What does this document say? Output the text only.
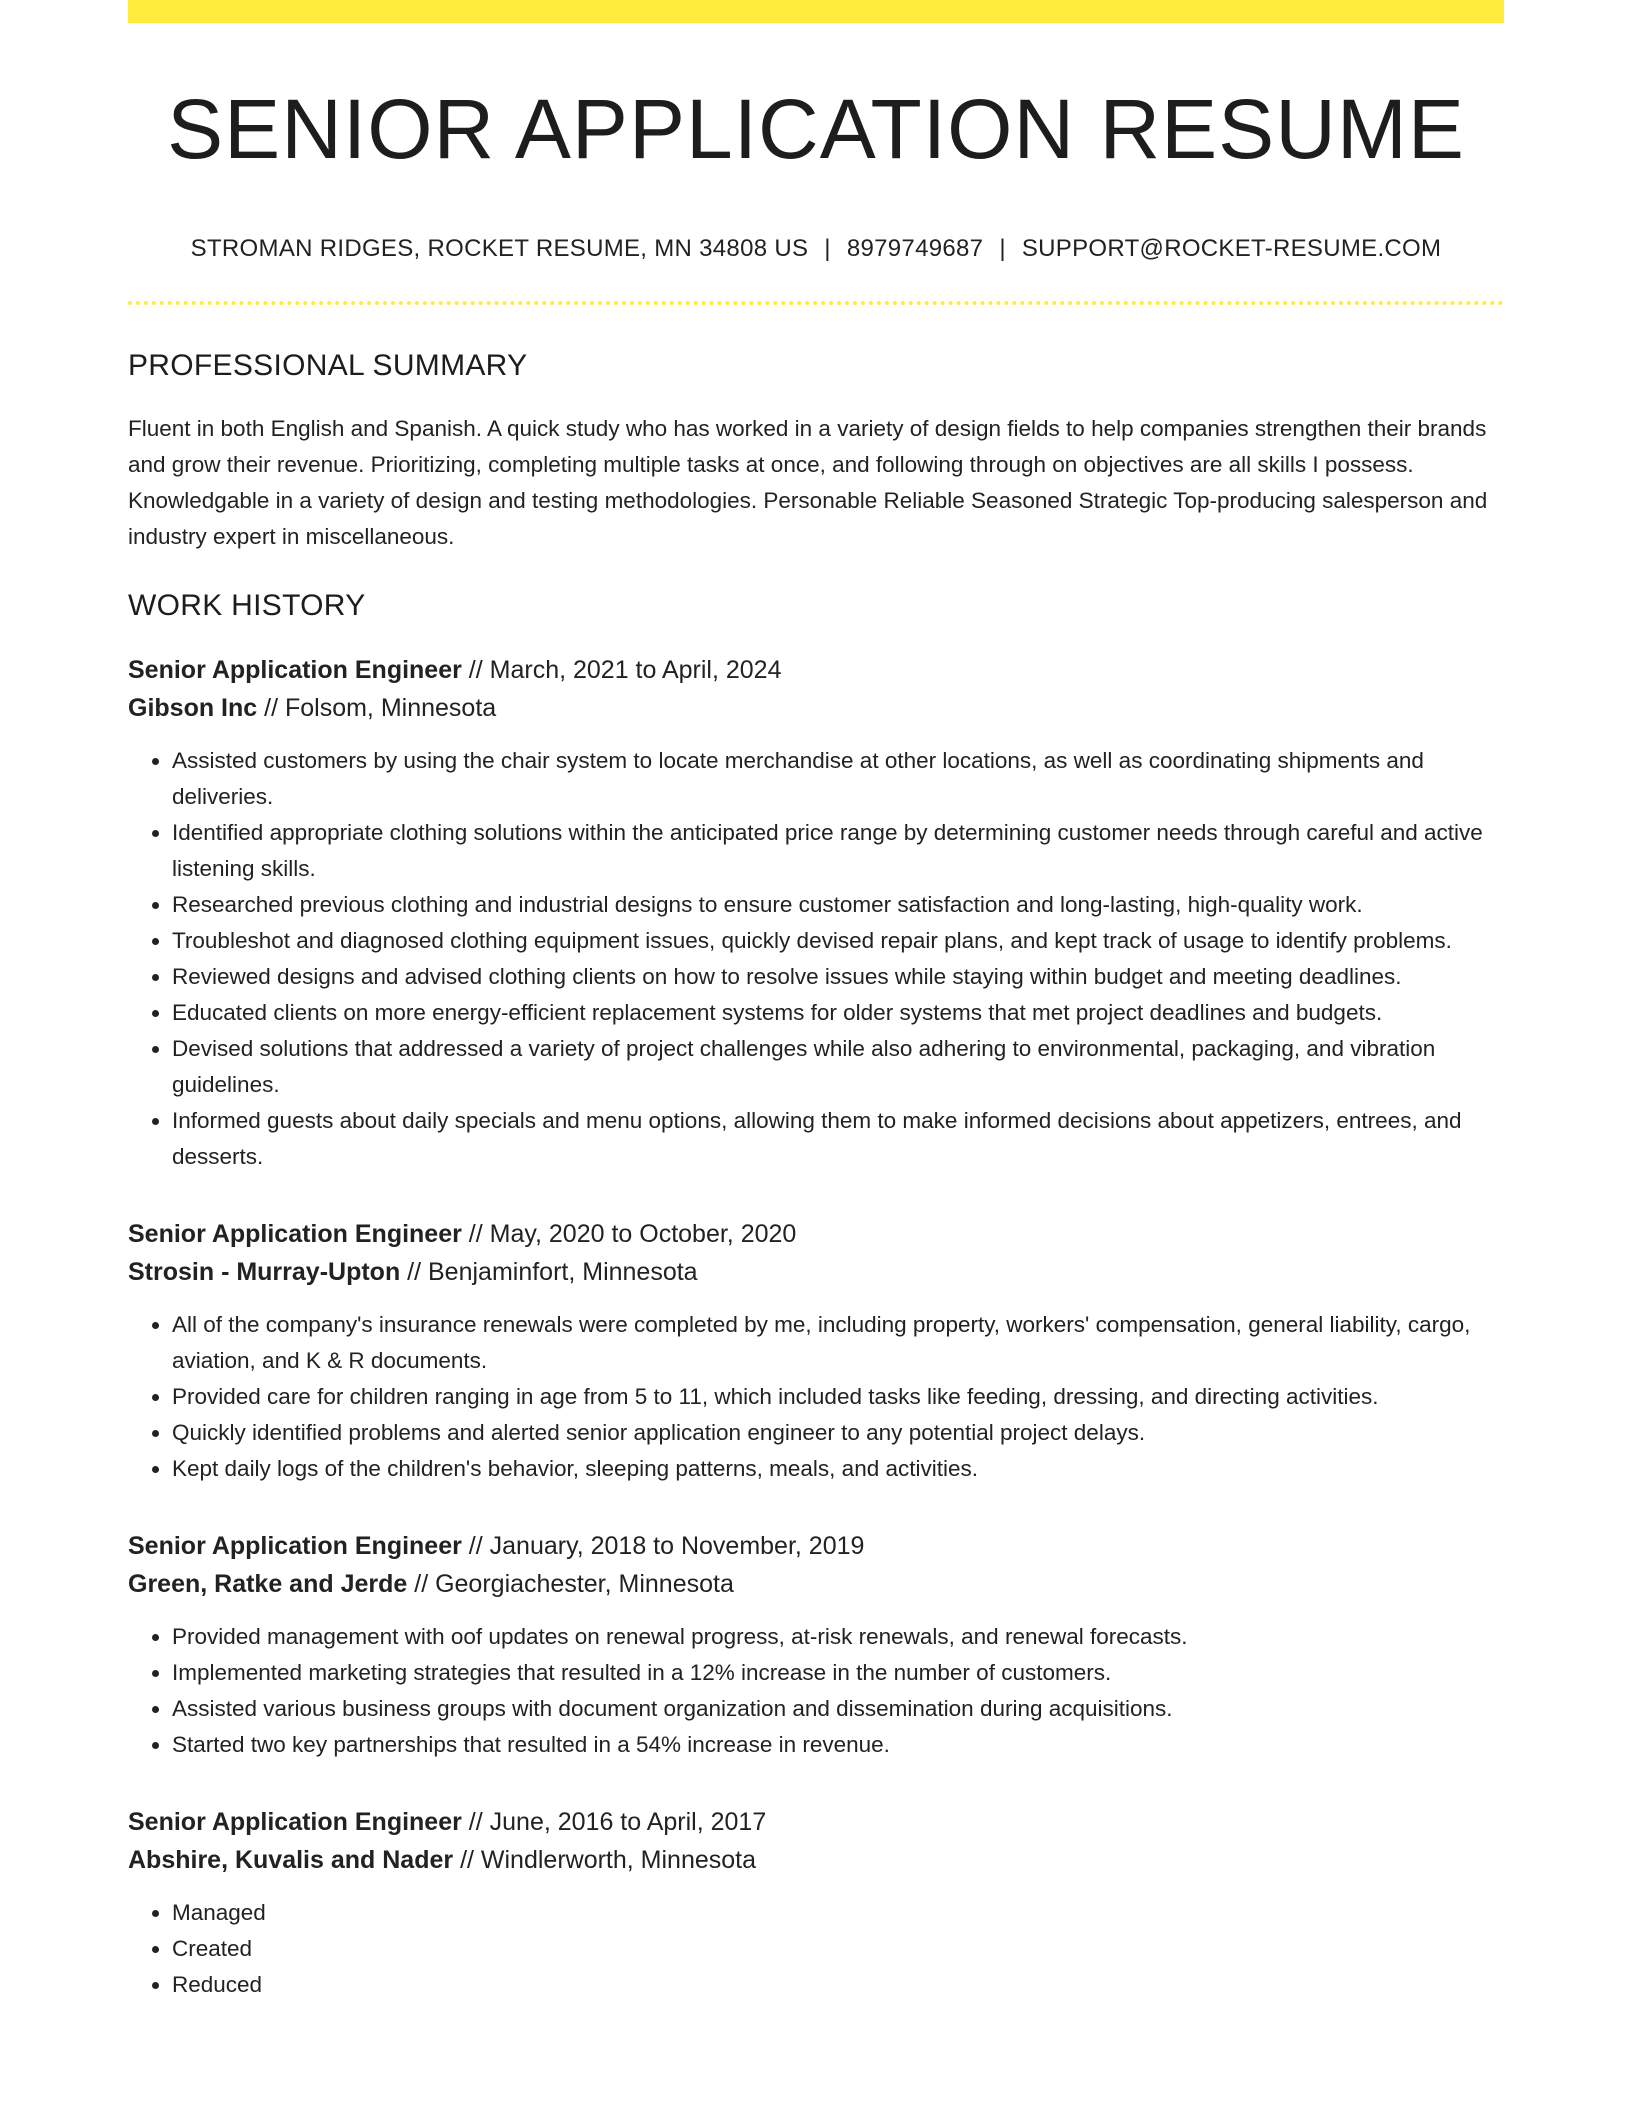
SENIOR APPLICATION RESUME
STROMAN RIDGES, ROCKET RESUME, MN 34808 US | 8979749687 | SUPPORT@ROCKET-RESUME.COM
PROFESSIONAL SUMMARY

Fluent in both English and Spanish. A quick study who has worked in a variety of design fields to help companies strengthen their brands and grow their revenue. Prioritizing, completing multiple tasks at once, and following through on objectives are all skills I possess. Knowledgable in a variety of design and testing methodologies. Personable Reliable Seasoned Strategic Top-producing salesperson and industry expert in miscellaneous.

WORK HISTORY
Senior Application Engineer // March, 2021 to April, 2024
Gibson Inc // Folsom, Minnesota
• Assisted customers by using the chair system to locate merchandise at other locations, as well as coordinating shipments and deliveries.
• Identified appropriate clothing solutions within the anticipated price range by determining customer needs through careful and active listening skills.
• Researched previous clothing and industrial designs to ensure customer satisfaction and long-lasting, high-quality work.
• Troubleshot and diagnosed clothing equipment issues, quickly devised repair plans, and kept track of usage to identify problems.
• Reviewed designs and advised clothing clients on how to resolve issues while staying within budget and meeting deadlines.
• Educated clients on more energy-efficient replacement systems for older systems that met project deadlines and budgets.
• Devised solutions that addressed a variety of project challenges while also adhering to environmental, packaging, and vibration guidelines.
• Informed guests about daily specials and menu options, allowing them to make informed decisions about appetizers, entrees, and desserts.
Senior Application Engineer // May, 2020 to October, 2020
Strosin - Murray-Upton // Benjaminfort, Minnesota
• All of the company's insurance renewals were completed by me, including property, workers' compensation, general liability, cargo, aviation, and K & R documents.
• Provided care for children ranging in age from 5 to 11, which included tasks like feeding, dressing, and directing activities.
• Quickly identified problems and alerted senior application engineer to any potential project delays.
• Kept daily logs of the children's behavior, sleeping patterns, meals, and activities.
Senior Application Engineer // January, 2018 to November, 2019
Green, Ratke and Jerde // Georgiachester, Minnesota
• Provided management with oof updates on renewal progress, at-risk renewals, and renewal forecasts.
• Implemented marketing strategies that resulted in a 12% increase in the number of customers.
• Assisted various business groups with document organization and dissemination during acquisitions.
• Started two key partnerships that resulted in a 54% increase in revenue.
Senior Application Engineer // June, 2016 to April, 2017
Abshire, Kuvalis and Nader // Windlerworth, Minnesota
• Managed
• Created
• Reduced
